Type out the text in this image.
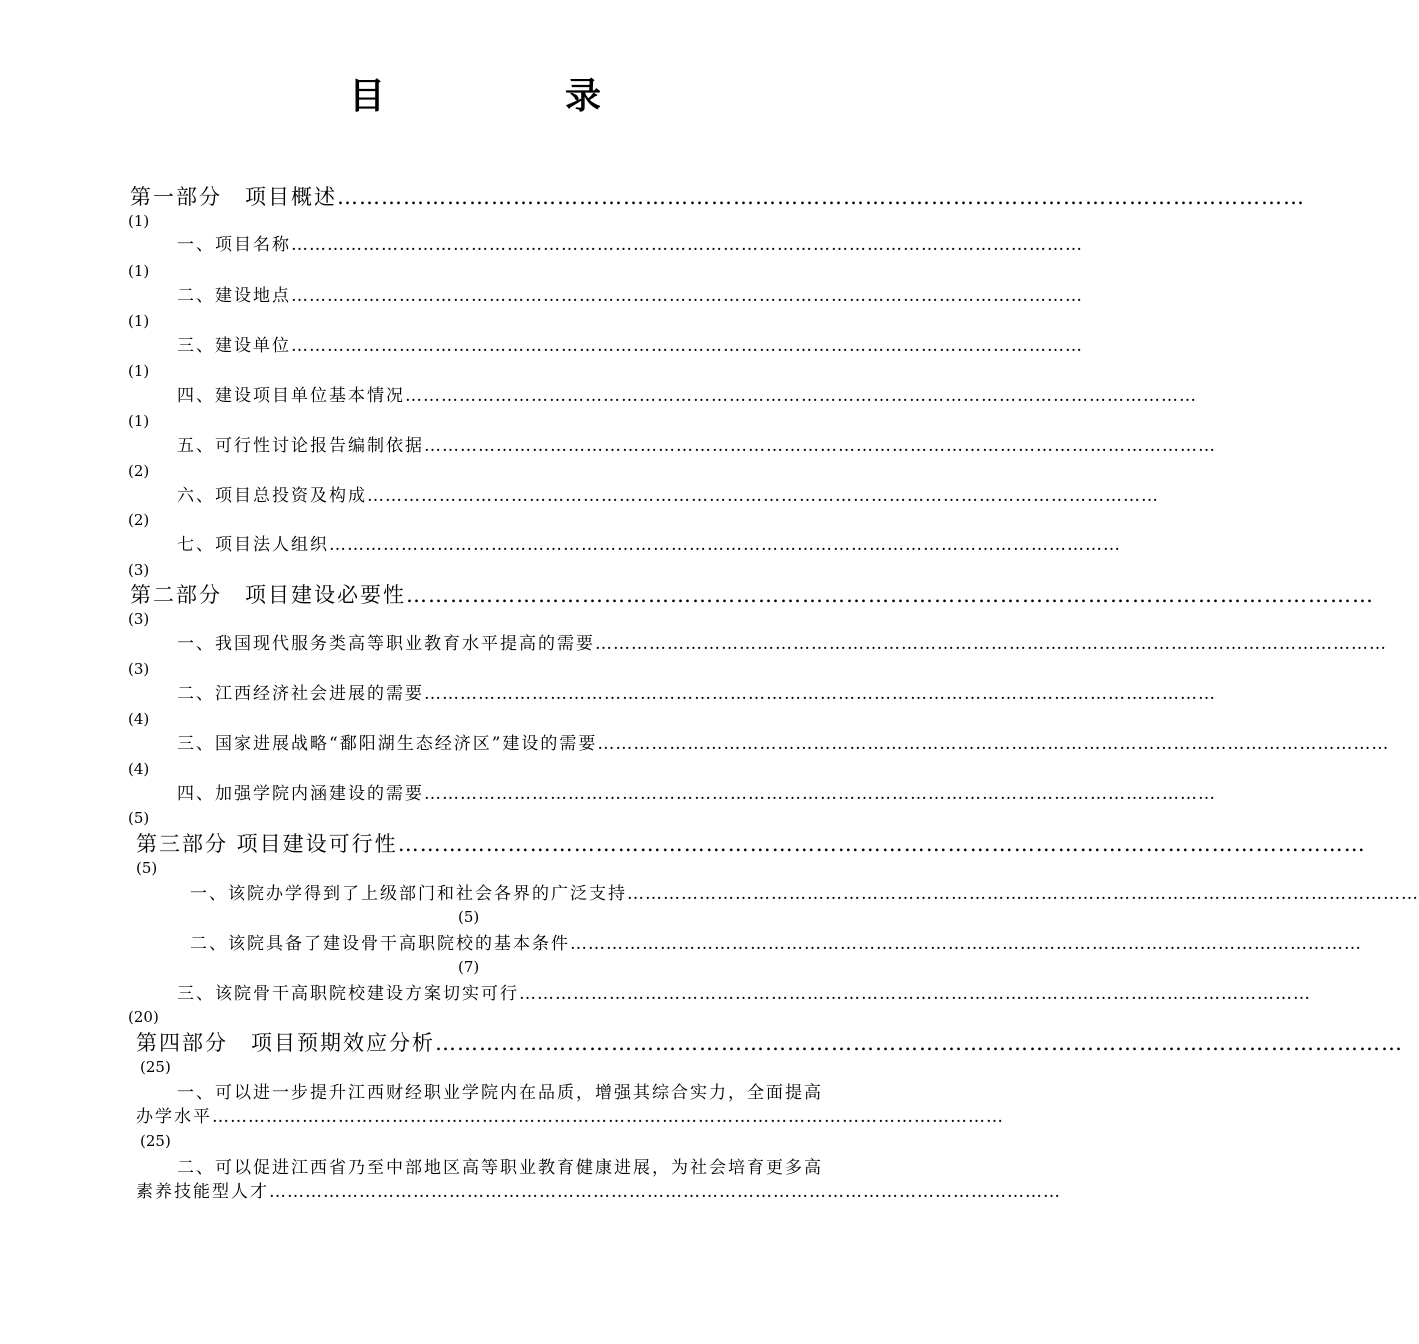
目　录
第一部分　项目概述 ……………………………………………………………………………………………………………………
(1)
一、项目名称 ……………………………………………………………………………………………………………………
(1)
二、建设地点 ……………………………………………………………………………………………………………………
(1)
三、建设单位 ……………………………………………………………………………………………………………………
(1)
四、建设项目单位基本情况 ……………………………………………………………………………………………………………………
(1)
五、可行性讨论报告编制依据 ……………………………………………………………………………………………………………………
(2)
六、项目总投资及构成 ……………………………………………………………………………………………………………………
(2)
七、项目法人组织 ……………………………………………………………………………………………………………………
(3)
第二部分　项目建设必要性 ……………………………………………………………………………………………………………………
(3)
一、我国现代服务类高等职业教育水平提高的需要 ……………………………………………………………………………………………………………………
(3)
二、江西经济社会进展的需要 ……………………………………………………………………………………………………………………
(4)
三、国家进展战略“鄱阳湖生态经济区”建设的需要 ……………………………………………………………………………………………………………………
(4)
四、加强学院内涵建设的需要 ……………………………………………………………………………………………………………………
(5)
第三部分 项目建设可行性 ……………………………………………………………………………………………………………………
(5)
一、该院办学得到了上级部门和社会各界的广泛支持 ……………………………………………………………………………………………………………………
(5)
二、该院具备了建设骨干高职院校的基本条件 ……………………………………………………………………………………………………………………
(7)
三、该院骨干高职院校建设方案切实可行 ……………………………………………………………………………………………………………………
(20)
第四部分　项目预期效应分析 ……………………………………………………………………………………………………………………
(25)
一、可以进一步提升江西财经职业学院内在品质，增强其综合实力，全面提高
办学水平 ……………………………………………………………………………………………………………………
(25)
二、可以促进江西省乃至中部地区高等职业教育健康进展，为社会培育更多高
素养技能型人才 ……………………………………………………………………………………………………………………
